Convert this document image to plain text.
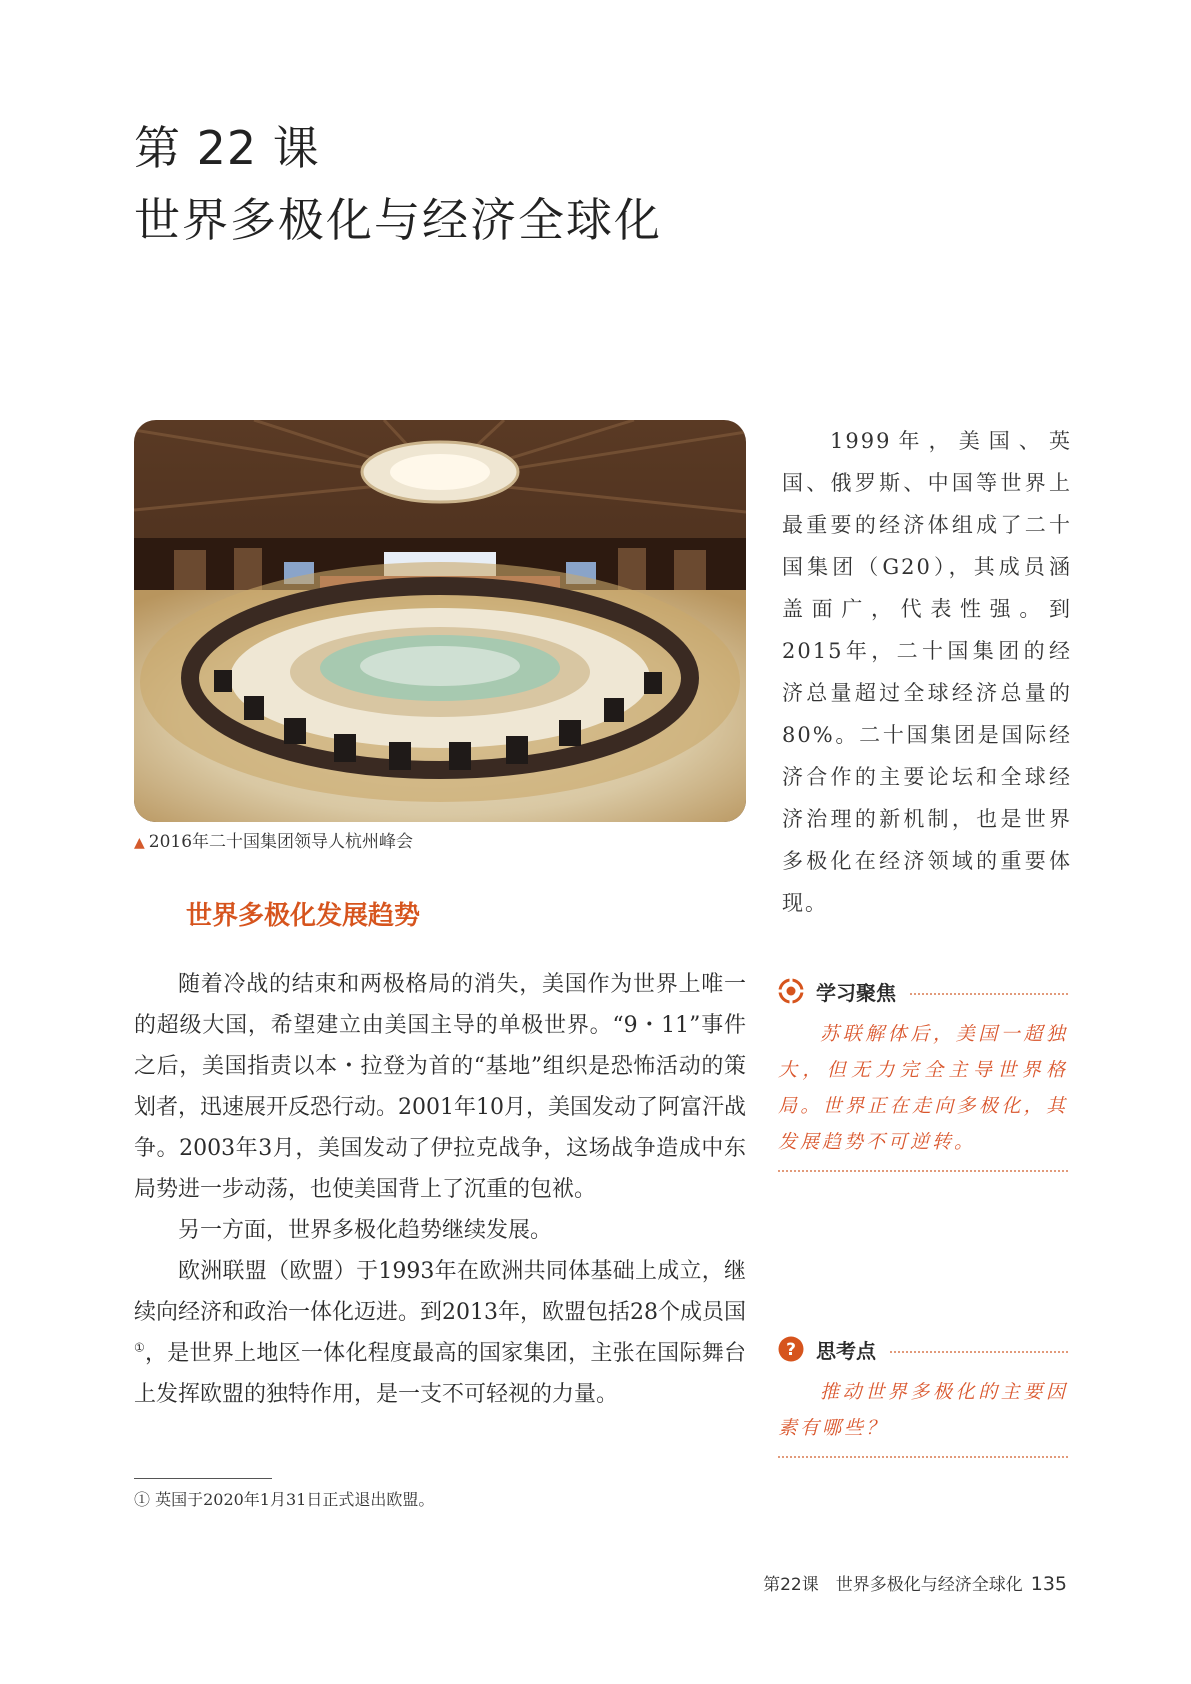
第 22 课
世界多极化与经济全球化
▲ 2016年二十国集团领导人杭州峰会
1999年，美国、英国、俄罗斯、中国等世界上最重要的经济体组成了二十国集团（G20），其成员涵盖面广，代表性强。到2015年，二十国集团的经济总量超过全球经济总量的80%。二十国集团是国际经济合作的主要论坛和全球经济治理的新机制，也是世界多极化在经济领域的重要体现。
世界多极化发展趋势

随着冷战的结束和两极格局的消失，美国作为世界上唯一的超级大国，希望建立由美国主导的单极世界。“9・11”事件之后，美国指责以本・拉登为首的“基地”组织是恐怖活动的策划者，迅速展开反恐行动。2001年10月，美国发动了阿富汗战争。2003年3月，美国发动了伊拉克战争，这场战争造成中东局势进一步动荡，也使美国背上了沉重的包袱。

另一方面，世界多极化趋势继续发展。

欧洲联盟（欧盟）于1993年在欧洲共同体基础上成立，继续向经济和政治一体化迈进。到2013年，欧盟包括28个成员国①，是世界上地区一体化程度最高的国家集团，主张在国际舞台上发挥欧盟的独特作用，是一支不可轻视的力量。

① 英国于2020年1月31日正式退出欧盟。
学习聚焦

苏联解体后，美国一超独大，但无力完全主导世界格局。世界正在走向多极化，其发展趋势不可逆转。

? 思考点

推动世界多极化的主要因素有哪些？

第22课　世界多极化与经济全球化 135
